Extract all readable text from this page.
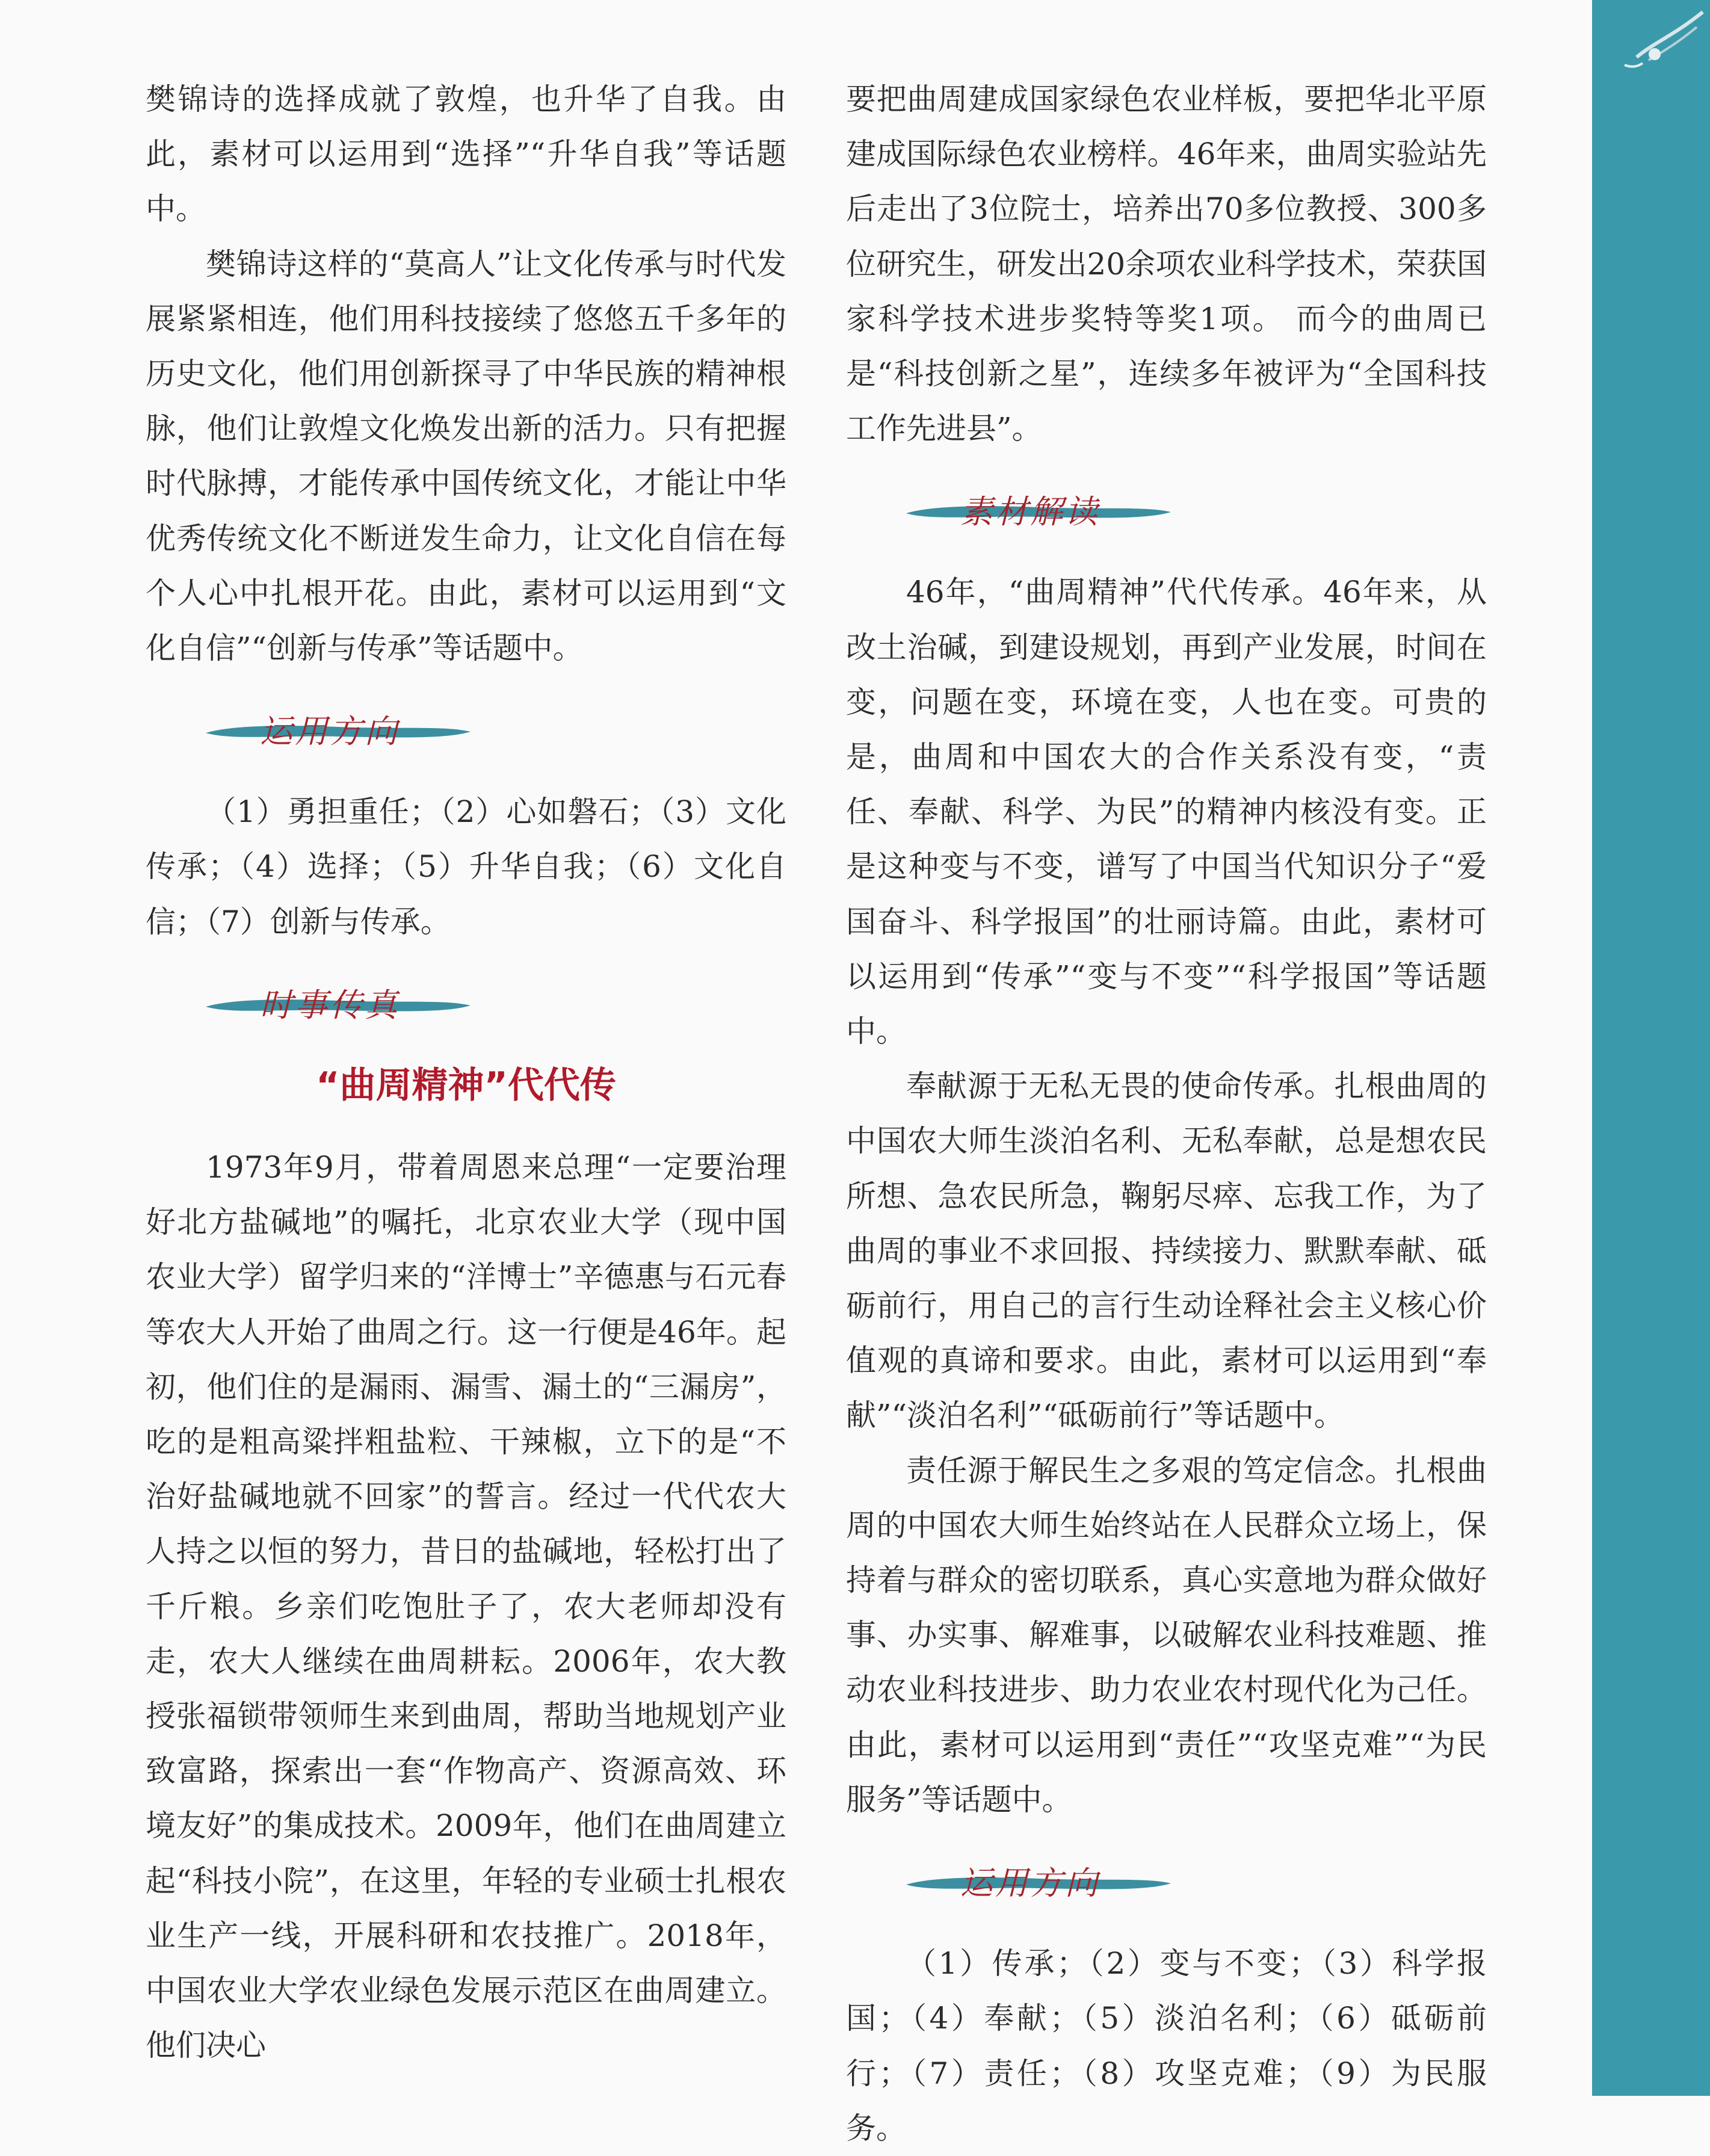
樊锦诗的选择成就了敦煌，也升华了自我。由此，素材可以运用到“选择”“升华自我”等话题中。

樊锦诗这样的“莫高人”让文化传承与时代发展紧紧相连，他们用科技接续了悠悠五千多年的历史文化，他们用创新探寻了中华民族的精神根脉，他们让敦煌文化焕发出新的活力。只有把握时代脉搏，才能传承中国传统文化，才能让中华优秀传统文化不断迸发生命力，让文化自信在每个人心中扎根开花。由此，素材可以运用到“文化自信”“创新与传承”等话题中。

运用方向

（1）勇担重任；（2）心如磐石；（3）文化传承；（4）选择；（5）升华自我；（6）文化自信；（7）创新与传承。

时事传真
“曲周精神”代代传

1973年9月，带着周恩来总理“一定要治理好北方盐碱地”的嘱托，北京农业大学（现中国农业大学）留学归来的“洋博士”辛德惠与石元春等农大人开始了曲周之行。这一行便是46年。起初，他们住的是漏雨、漏雪、漏土的“三漏房”，吃的是粗高粱拌粗盐粒、干辣椒，立下的是“不治好盐碱地就不回家”的誓言。经过一代代农大人持之以恒的努力，昔日的盐碱地，轻松打出了千斤粮。乡亲们吃饱肚子了，农大老师却没有走，农大人继续在曲周耕耘。2006年，农大教授张福锁带领师生来到曲周，帮助当地规划产业致富路，探索出一套“作物高产、资源高效、环境友好”的集成技术。2009年，他们在曲周建立起“科技小院”，在这里，年轻的专业硕士扎根农业生产一线，开展科研和农技推广。2018年，中国农业大学农业绿色发展示范区在曲周建立。他们决心

要把曲周建成国家绿色农业样板，要把华北平原建成国际绿色农业榜样。46年来，曲周实验站先后走出了3位院士，培养出70多位教授、300多位研究生，研发出20余项农业科学技术，荣获国家科学技术进步奖特等奖1项。 而今的曲周已是“科技创新之星”，连续多年被评为“全国科技工作先进县”。

素材解读

46年，“曲周精神”代代传承。46年来，从改土治碱，到建设规划，再到产业发展，时间在变，问题在变，环境在变，人也在变。可贵的是，曲周和中国农大的合作关系没有变，“责任、奉献、科学、为民”的精神内核没有变。正是这种变与不变，谱写了中国当代知识分子“爱国奋斗、科学报国”的壮丽诗篇。由此，素材可以运用到“传承”“变与不变”“科学报国”等话题中。

奉献源于无私无畏的使命传承。扎根曲周的中国农大师生淡泊名利、无私奉献，总是想农民所想、急农民所急，鞠躬尽瘁、忘我工作，为了曲周的事业不求回报、持续接力、默默奉献、砥砺前行，用自己的言行生动诠释社会主义核心价值观的真谛和要求。由此，素材可以运用到“奉献”“淡泊名利”“砥砺前行”等话题中。

责任源于解民生之多艰的笃定信念。扎根曲周的中国农大师生始终站在人民群众立场上，保持着与群众的密切联系，真心实意地为群众做好事、办实事、解难事，以破解农业科技难题、推动农业科技进步、助力农业农村现代化为己任。由此，素材可以运用到“责任”“攻坚克难”“为民服务”等话题中。

运用方向

（1）传承；（2）变与不变；（3）科学报国；（4）奉献；（5）淡泊名利；（6）砥砺前行；（7）责任；（8）攻坚克难；（9）为民服务。
